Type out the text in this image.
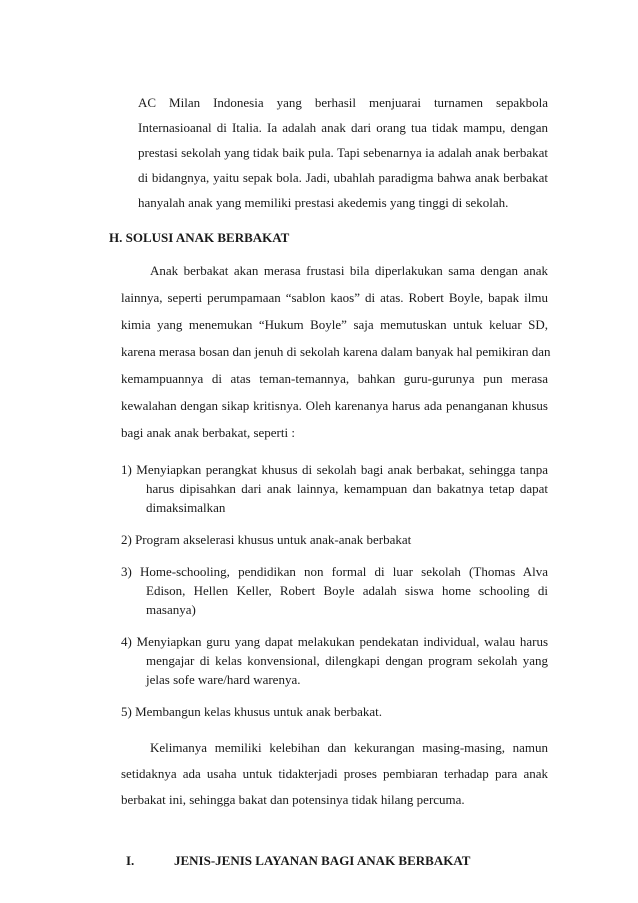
AC Milan Indonesia yang berhasil menjuarai turnamen sepakbola
Internasioanal di Italia. Ia adalah anak dari orang tua tidak mampu, dengan
prestasi sekolah yang tidak baik pula. Tapi sebenarnya ia adalah anak berbakat
di bidangnya, yaitu sepak bola. Jadi, ubahlah paradigma bahwa anak berbakat
hanyalah anak yang memiliki prestasi akedemis yang tinggi di sekolah.
H. SOLUSI ANAK BERBAKAT
Anak berbakat akan merasa frustasi bila diperlakukan sama dengan anak
lainnya, seperti perumpamaan “sablon kaos” di atas. Robert Boyle, bapak ilmu
kimia yang menemukan “Hukum Boyle” saja memutuskan untuk keluar SD,
karena merasa bosan dan jenuh di sekolah karena dalam banyak hal pemikiran dan
kemampuannya di atas teman-temannya, bahkan guru-gurunya pun merasa
kewalahan dengan sikap kritisnya. Oleh karenanya harus ada penanganan khusus
bagi anak anak berbakat, seperti :
1) Menyiapkan perangkat khusus di sekolah bagi anak berbakat, sehingga tanpa
harus dipisahkan dari anak lainnya, kemampuan dan bakatnya tetap dapat
dimaksimalkan
2) Program akselerasi khusus untuk anak-anak berbakat
3) Home-schooling, pendidikan non formal di luar sekolah (Thomas Alva
Edison, Hellen Keller, Robert Boyle adalah siswa home schooling di
masanya)
4) Menyiapkan guru yang dapat melakukan pendekatan individual, walau harus
mengajar di kelas konvensional, dilengkapi dengan program sekolah yang
jelas sofe ware/hard warenya.
5) Membangun kelas khusus untuk anak berbakat.
Kelimanya memiliki kelebihan dan kekurangan masing-masing, namun
setidaknya ada usaha untuk tidakterjadi proses pembiaran terhadap para anak
berbakat ini, sehingga bakat dan potensinya tidak hilang percuma.
I.	JENIS-JENIS LAYANAN BAGI ANAK BERBAKAT
